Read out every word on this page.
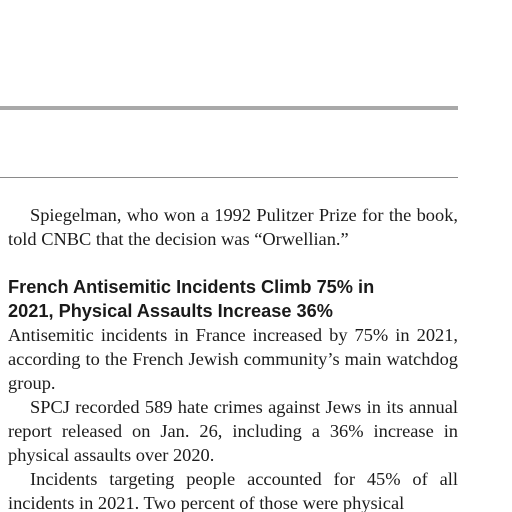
Spiegelman, who won a 1992 Pulitzer Prize for the book, told CNBC that the decision was “Orwellian.”

French Antisemitic Incidents Climb 75% in
2021, Physical Assaults Increase 36%

Antisemitic incidents in France increased by 75% in 2021, according to the French Jewish community’s main watchdog group.

SPCJ recorded 589 hate crimes against Jews in its annual report released on Jan. 26, including a 36% increase in physical assaults over 2020.

Incidents targeting people accounted for 45% of all incidents in 2021. Two percent of those were physical
